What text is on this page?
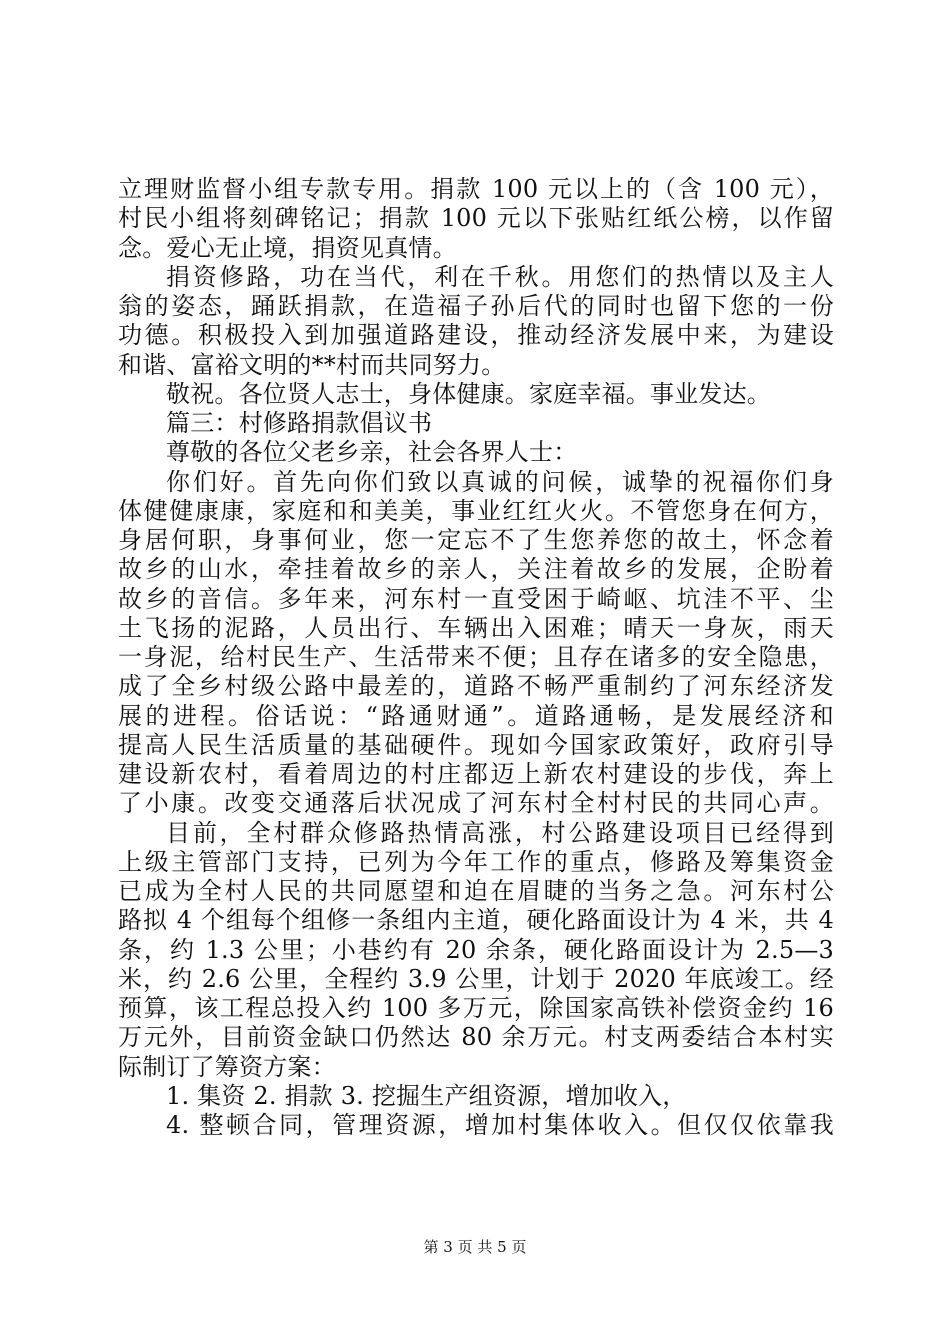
立理财监督小组专款专用。捐款 100 元以上的（含 100 元），
村民小组将刻碑铭记；捐款 100 元以下张贴红纸公榜，以作留
念。爱心无止境，捐资见真情。
捐资修路，功在当代，利在千秋。用您们的热情以及主人
翁的姿态，踊跃捐款，在造福子孙后代的同时也留下您的一份
功德。积极投入到加强道路建设，推动经济发展中来，为建设
和谐、富裕文明的**村而共同努力。
敬祝。各位贤人志士，身体健康。家庭幸福。事业发达。
篇三：村修路捐款倡议书
尊敬的各位父老乡亲，社会各界人士：
你们好。首先向你们致以真诚的问候，诚挚的祝福你们身
体健健康康，家庭和和美美，事业红红火火。不管您身在何方，
身居何职，身事何业，您一定忘不了生您养您的故土，怀念着
故乡的山水，牵挂着故乡的亲人，关注着故乡的发展，企盼着
故乡的音信。多年来，河东村一直受困于崎岖、坑洼不平、尘
土飞扬的泥路，人员出行、车辆出入困难；晴天一身灰，雨天
一身泥，给村民生产、生活带来不便；且存在诸多的安全隐患，
成了全乡村级公路中最差的，道路不畅严重制约了河东经济发
展的进程。俗话说：“路通财通”。道路通畅，是发展经济和
提高人民生活质量的基础硬件。现如今国家政策好，政府引导
建设新农村，看着周边的村庄都迈上新农村建设的步伐，奔上
了小康。改变交通落后状况成了河东村全村村民的共同心声。
目前，全村群众修路热情高涨，村公路建设项目已经得到
上级主管部门支持，已列为今年工作的重点，修路及筹集资金
已成为全村人民的共同愿望和迫在眉睫的当务之急。河东村公
路拟 4 个组每个组修一条组内主道，硬化路面设计为 4 米，共 4
条，约 1.3 公里；小巷约有 20 余条，硬化路面设计为 2.5—3
米，约 2.6 公里，全程约 3.9 公里，计划于 2020 年底竣工。经
预算，该工程总投入约 100 多万元，除国家高铁补偿资金约 16
万元外，目前资金缺口仍然达 80 余万元。村支两委结合本村实
际制订了筹资方案：
1. 集资 2. 捐款 3. 挖掘生产组资源，增加收入，
4. 整顿合同，管理资源，增加村集体收入。但仅仅依靠我
第 3 页 共 5 页
